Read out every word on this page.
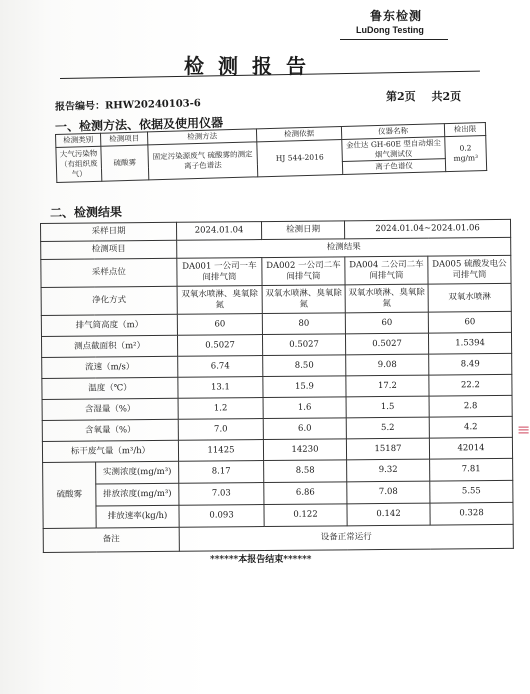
鲁东检测
LuDong Testing
检测报告
报告编号：RHW20240103-6
第2页 共2页
一、检测方法、依据及使用仪器
检测类别	检测项目	检测方法	检测依据	仪器名称	检出限
大气污染物（有组织废气）	硫酸雾	固定污染源废气 硫酸雾的测定 离子色谱法	HJ 544-2016	金仕达 GH-60E 型自动烟尘烟气测试仪	0.2 mg/m³
				离子色谱仪	
二、检测结果
采样日期		2024.01.04	检测日期	2024.01.04~2024.01.06	
检测项目		检测结果			
采样点位		DA001 一公司一车间排气筒	DA002 一公司二车间排气筒	DA004 二公司二车间排气筒	DA005 硫酸发电公司排气筒
净化方式		双氧水喷淋、臭氧除氮	双氧水喷淋、臭氧除氮	双氧水喷淋、臭氧除氮	双氧水喷淋
排气筒高度（m）		60	80	60	60
测点截面积（m²）		0.5027	0.5027	0.5027	1.5394
流速（m/s）		6.74	8.50	9.08	8.49
温度（℃）		13.1	15.9	17.2	22.2
含湿量（%）		1.2	1.6	1.5	2.8
含氧量（%）		7.0	6.0	5.2	4.2
标干废气量（m³/h）		11425	14230	15187	42014
硫酸雾	实测浓度(mg/m³)	8.17	8.58	9.32	7.81
	排放浓度(mg/m³)	7.03	6.86	7.08	5.55
	排放速率(kg/h)	0.093	0.122	0.142	0.328
备注		设备正常运行			
******本报告结束******
≡
